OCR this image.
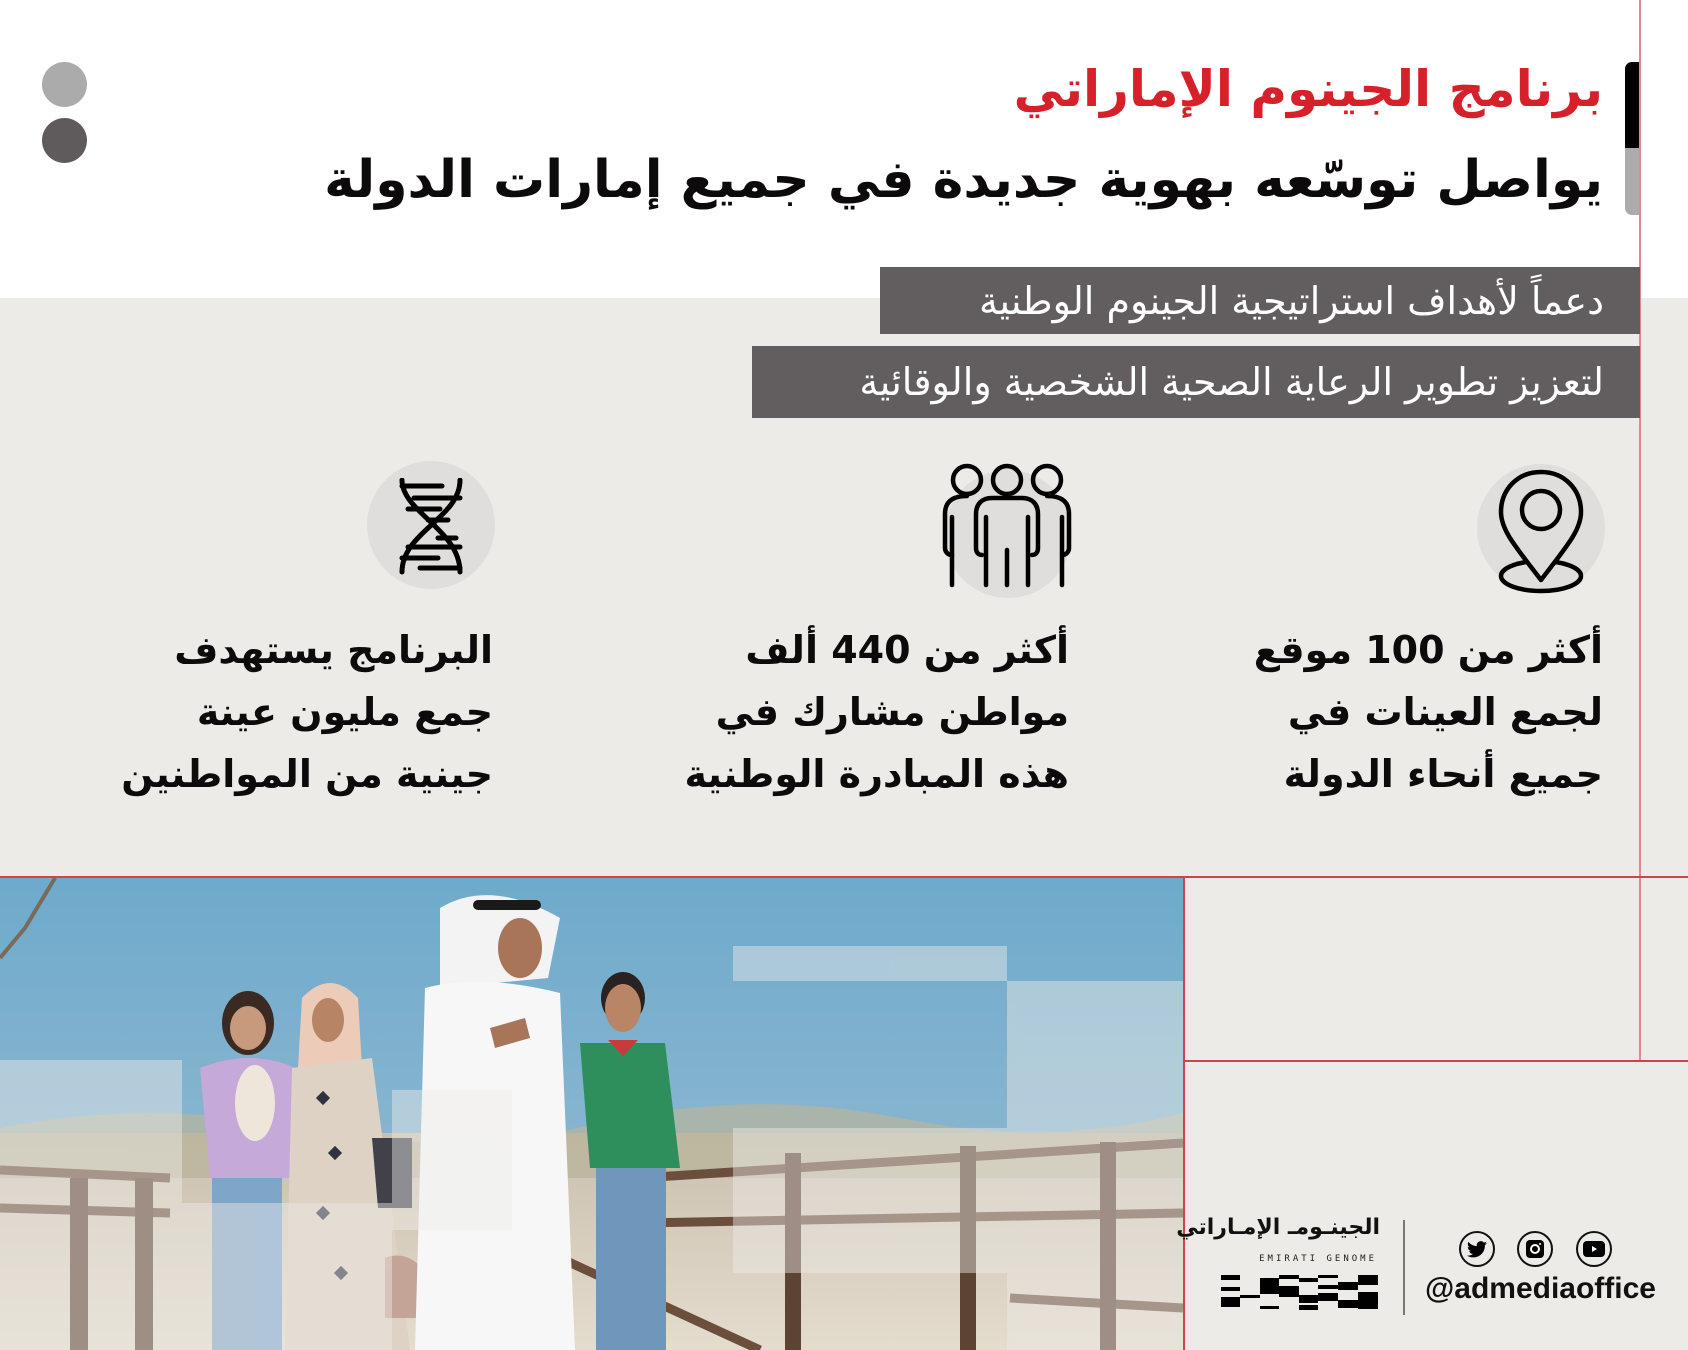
برنامج الجينوم الإماراتي
يواصل توسّعه بهوية جديدة في جميع إمارات الدولة
دعماً لأهداف استراتيجية الجينوم الوطنية
لتعزيز تطوير الرعاية الصحية الشخصية والوقائية
أكثر من 100 موقع
لجمع العينات في
جميع أنحاء الدولة
أكثر من 440 ألف
مواطن مشارك في
هذه المبادرة الوطنية
البرنامج يستهدف
جمع مليون عينة
جينية من المواطنين
الجينـومـ الإمـاراتي
EMIRATI GENOME
@admediaoffice
